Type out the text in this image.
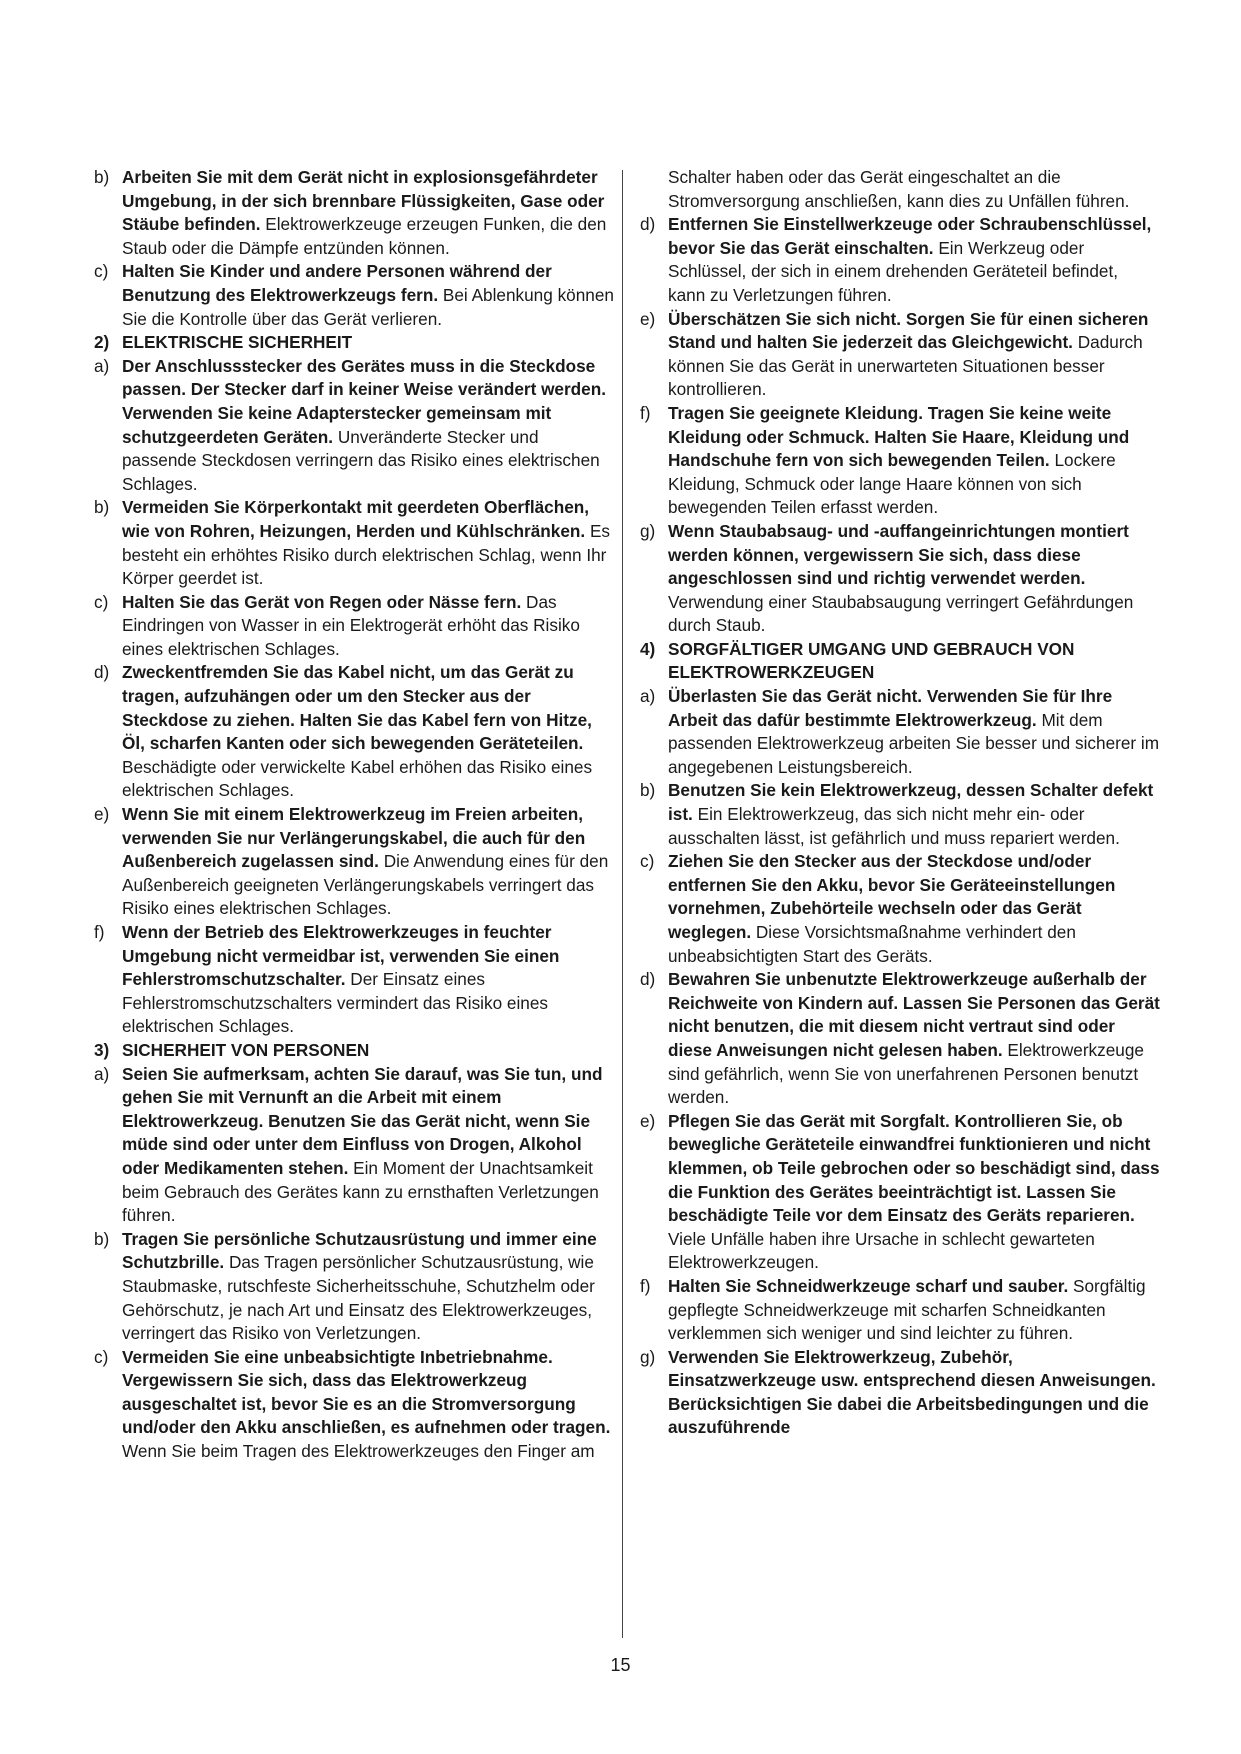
b) Arbeiten Sie mit dem Gerät nicht in explosionsgefährdeter Umgebung, in der sich brennbare Flüssigkeiten, Gase oder Stäube befinden. Elektrowerkzeuge erzeugen Funken, die den Staub oder die Dämpfe entzünden können.
c) Halten Sie Kinder und andere Personen während der Benutzung des Elektrowerkzeugs fern. Bei Ablenkung können Sie die Kontrolle über das Gerät verlieren.
2) ELEKTRISCHE SICHERHEIT
a) Der Anschlussstecker des Gerätes muss in die Steckdose passen. Der Stecker darf in keiner Weise verändert werden. Verwenden Sie keine Adapterstecker gemeinsam mit schutzgeerdeten Geräten. Unveränderte Stecker und passende Steckdosen verringern das Risiko eines elektrischen Schlages.
b) Vermeiden Sie Körperkontakt mit geerdeten Oberflächen, wie von Rohren, Heizungen, Herden und Kühlschränken. Es besteht ein erhöhtes Risiko durch elektrischen Schlag, wenn Ihr Körper geerdet ist.
c) Halten Sie das Gerät von Regen oder Nässe fern. Das Eindringen von Wasser in ein Elektrogerät erhöht das Risiko eines elektrischen Schlages.
d) Zweckentfremden Sie das Kabel nicht, um das Gerät zu tragen, aufzuhängen oder um den Stecker aus der Steckdose zu ziehen. Halten Sie das Kabel fern von Hitze, Öl, scharfen Kanten oder sich bewegenden Geräteteilen. Beschädigte oder verwickelte Kabel erhöhen das Risiko eines elektrischen Schlages.
e) Wenn Sie mit einem Elektrowerkzeug im Freien arbeiten, verwenden Sie nur Verlängerungskabel, die auch für den Außenbereich zugelassen sind. Die Anwendung eines für den Außenbereich geeigneten Verlängerungskabels verringert das Risiko eines elektrischen Schlages.
f)	Wenn der Betrieb des Elektrowerkzeuges in feuchter Umgebung nicht vermeidbar ist, verwenden Sie einen Fehlerstromschutzschalter. Der Einsatz eines Fehlerstromschutzschalters vermindert das Risiko eines elektrischen Schlages.
3) SICHERHEIT VON PERSONEN
a) Seien Sie aufmerksam, achten Sie darauf, was Sie tun, und gehen Sie mit Vernunft an die Arbeit mit einem Elektrowerkzeug. Benutzen Sie das Gerät nicht, wenn Sie müde sind oder unter dem Einfluss von Drogen, Alkohol oder Medikamenten stehen. Ein Moment der Unachtsamkeit beim Gebrauch des Gerätes kann zu ernsthaften Verletzungen führen.
b) Tragen Sie persönliche Schutzausrüstung und immer eine Schutzbrille. Das Tragen persönlicher Schutzausrüstung, wie Staubmaske, rutschfeste Sicherheitsschuhe, Schutzhelm oder Gehörschutz, je nach Art und Einsatz des Elektrowerkzeuges, verringert das Risiko von Verletzungen.
c) Vermeiden Sie eine unbeabsichtigte Inbetriebnahme. Vergewissern Sie sich, dass das Elektrowerkzeug ausgeschaltet ist, bevor Sie es an die Stromversorgung und/oder den Akku anschließen, es aufnehmen oder tragen. Wenn Sie beim Tragen des Elektrowerkzeuges den Finger am
Schalter haben oder das Gerät eingeschaltet an die Stromversorgung anschließen, kann dies zu Unfällen führen.
d) Entfernen Sie Einstellwerkzeuge oder Schraubenschlüssel, bevor Sie das Gerät einschalten. Ein Werkzeug oder Schlüssel, der sich in einem drehenden Geräteteil befindet, kann zu Verletzungen führen.
e) Überschätzen Sie sich nicht. Sorgen Sie für einen sicheren Stand und halten Sie jederzeit das Gleichgewicht. Dadurch können Sie das Gerät in unerwarteten Situationen besser kontrollieren.
f)	Tragen Sie geeignete Kleidung. Tragen Sie keine weite Kleidung oder Schmuck. Halten Sie Haare, Kleidung und Handschuhe fern von sich bewegenden Teilen. Lockere Kleidung, Schmuck oder lange Haare können von sich bewegenden Teilen erfasst werden.
g) Wenn Staubabsaug- und -auffangeinrichtungen montiert werden können, vergewissern Sie sich, dass diese angeschlossen sind und richtig verwendet werden. Verwendung einer Staubabsaugung verringert Gefährdungen durch Staub.
4) SORGFÄLTIGER UMGANG UND GEBRAUCH VON ELEKTROWERKZEUGEN
a) Überlasten Sie das Gerät nicht. Verwenden Sie für Ihre Arbeit das dafür bestimmte Elektrowerkzeug. Mit dem passenden Elektrowerkzeug arbeiten Sie besser und sicherer im angegebenen Leistungsbereich.
b) Benutzen Sie kein Elektrowerkzeug, dessen Schalter defekt ist. Ein Elektrowerkzeug, das sich nicht mehr ein- oder ausschalten lässt, ist gefährlich und muss repariert werden.
c) Ziehen Sie den Stecker aus der Steckdose und/oder entfernen Sie den Akku, bevor Sie Geräteeinstellungen vornehmen, Zubehörteile wechseln oder das Gerät weglegen. Diese Vorsichtsmaßnahme verhindert den unbeabsichtigten Start des Geräts.
d) Bewahren Sie unbenutzte Elektrowerkzeuge außerhalb der Reichweite von Kindern auf. Lassen Sie Personen das Gerät nicht benutzen, die mit diesem nicht vertraut sind oder diese Anweisungen nicht gelesen haben. Elektrowerkzeuge sind gefährlich, wenn Sie von unerfahrenen Personen benutzt werden.
e) Pflegen Sie das Gerät mit Sorgfalt. Kontrollieren Sie, ob bewegliche Geräteteile einwandfrei funktionieren und nicht klemmen, ob Teile gebrochen oder so beschädigt sind, dass die Funktion des Gerätes beeinträchtigt ist. Lassen Sie beschädigte Teile vor dem Einsatz des Geräts reparieren. Viele Unfälle haben ihre Ursache in schlecht gewarteten Elektrowerkzeugen.
f)	Halten Sie Schneidwerkzeuge scharf und sauber. Sorgfältig gepflegte Schneidwerkzeuge mit scharfen Schneidkanten verklemmen sich weniger und sind leichter zu führen.
g) Verwenden Sie Elektrowerkzeug, Zubehör, Einsatzwerkzeuge usw. entsprechend diesen Anweisungen. Berücksichtigen Sie dabei die Arbeitsbedingungen und die auszuführende
15
